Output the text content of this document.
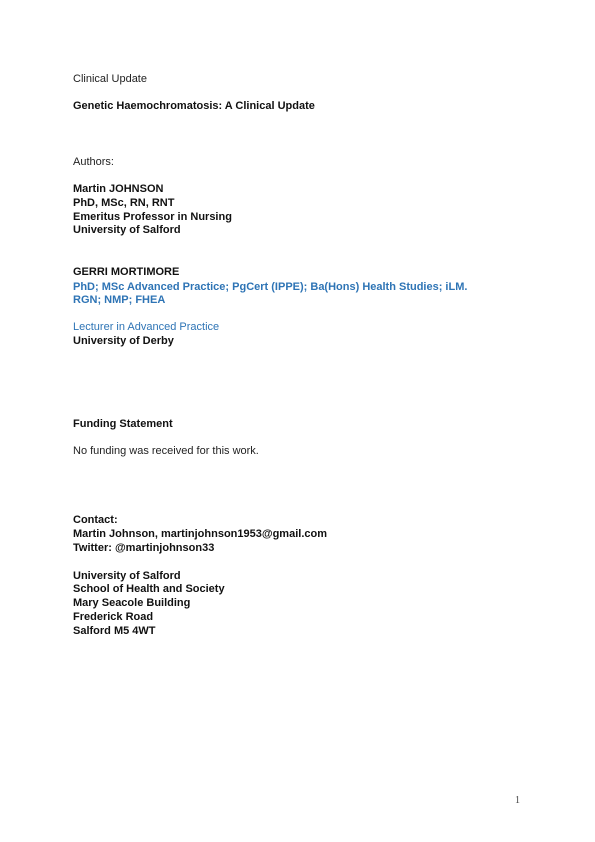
Clinical Update

Genetic Haemochromatosis: A Clinical Update

Authors:

Martin JOHNSON

PhD, MSc, RN, RNT

Emeritus Professor in Nursing

University of Salford

GERRI MORTIMORE

PhD; MSc Advanced Practice; PgCert (IPPE); Ba(Hons) Health Studies; iLM.

RGN; NMP; FHEA

Lecturer in Advanced Practice

University of Derby

Funding Statement

No funding was received for this work.

Contact:

Martin Johnson, martinjohnson1953@gmail.com

Twitter: @martinjohnson33

University of Salford

School of Health and Society

Mary Seacole Building

Frederick Road

Salford M5 4WT

1
